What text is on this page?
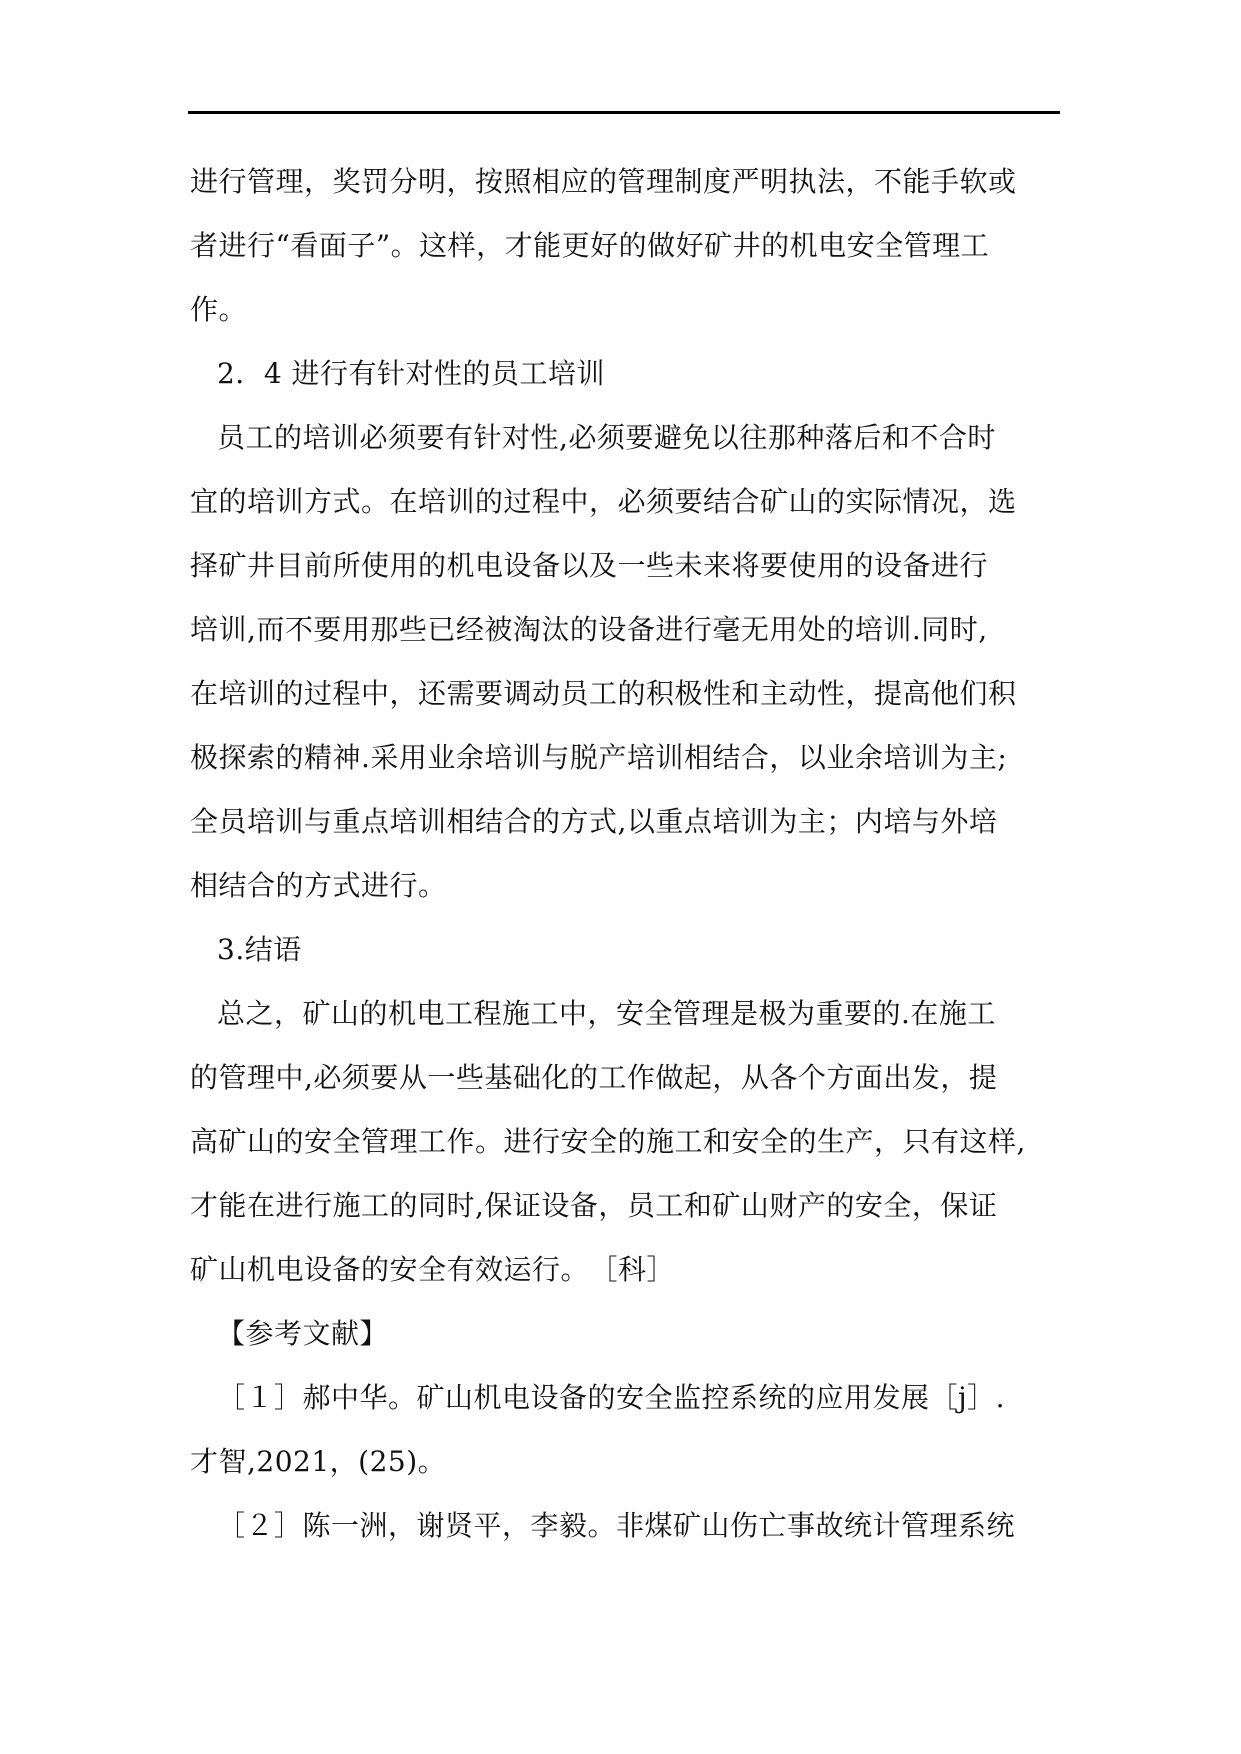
进行管理，奖罚分明，按照相应的管理制度严明执法，不能手软或
者进行“看面子”。这样，才能更好的做好矿井的机电安全管理工
作。
2．4 进行有针对性的员工培训
员工的培训必须要有针对性,必须要避免以往那种落后和不合时
宜的培训方式。在培训的过程中，必须要结合矿山的实际情况，选
择矿井目前所使用的机电设备以及一些未来将要使用的设备进行
培训,而不要用那些已经被淘汰的设备进行毫无用处的培训.同时,
在培训的过程中，还需要调动员工的积极性和主动性，提高他们积
极探索的精神.采用业余培训与脱产培训相结合，以业余培训为主;
全员培训与重点培训相结合的方式,以重点培训为主；内培与外培
相结合的方式进行。
3.结语
总之，矿山的机电工程施工中，安全管理是极为重要的.在施工
的管理中,必须要从一些基础化的工作做起，从各个方面出发，提
高矿山的安全管理工作。进行安全的施工和安全的生产，只有这样,
才能在进行施工的同时,保证设备，员工和矿山财产的安全，保证
矿山机电设备的安全有效运行。　［科］
【参考文献】
［１］郝中华。矿山机电设备的安全监控系统的应用发展［j］.
才智,2021，(25)。
［２］陈一洲，谢贤平，李毅。非煤矿山伤亡事故统计管理系统
